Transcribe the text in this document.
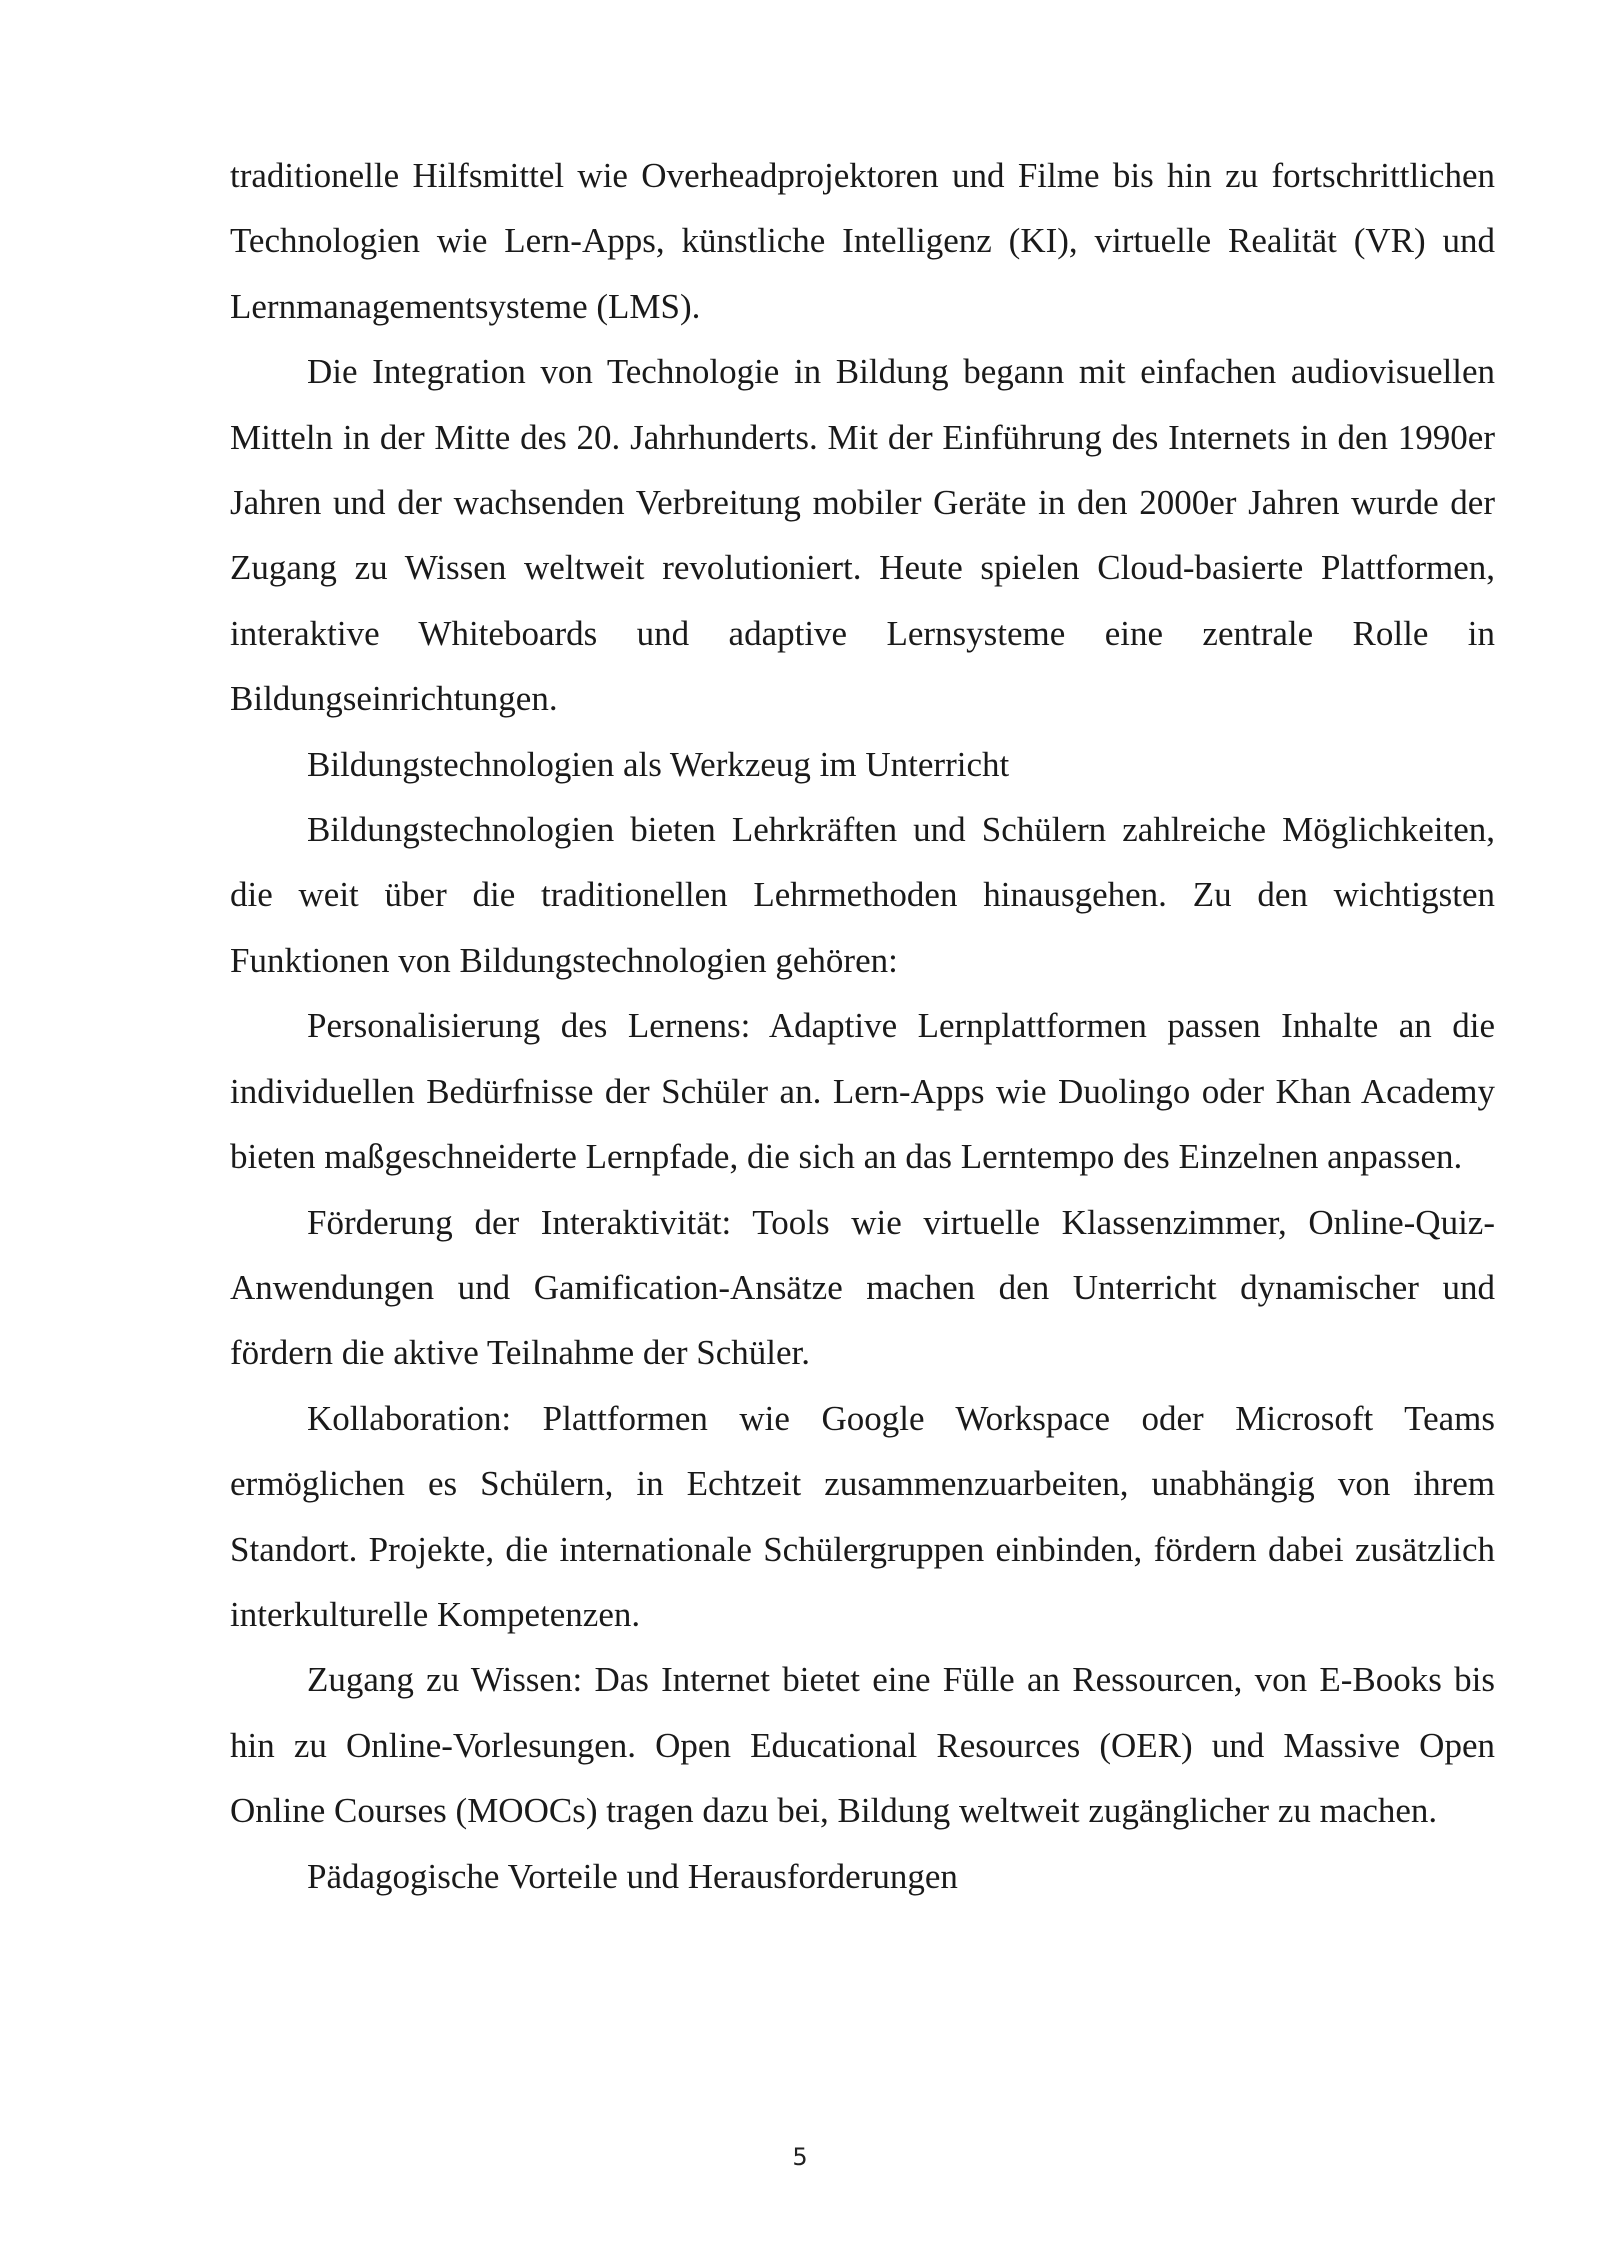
traditionelle Hilfsmittel wie Overheadprojektoren und Filme bis hin zu fortschrittlichen Technologien wie Lern-Apps, künstliche Intelligenz (KI), virtuelle Realität (VR) und Lernmanagementsysteme (LMS).

Die Integration von Technologie in Bildung begann mit einfachen audiovisuellen Mitteln in der Mitte des 20. Jahrhunderts. Mit der Einführung des Internets in den 1990er Jahren und der wachsenden Verbreitung mobiler Geräte in den 2000er Jahren wurde der Zugang zu Wissen weltweit revolutioniert. Heute spielen Cloud-basierte Plattformen, interaktive Whiteboards und adaptive Lernsysteme eine zentrale Rolle in Bildungseinrichtungen.

Bildungstechnologien als Werkzeug im Unterricht

Bildungstechnologien bieten Lehrkräften und Schülern zahlreiche Möglichkeiten, die weit über die traditionellen Lehrmethoden hinausgehen. Zu den wichtigsten Funktionen von Bildungstechnologien gehören:

Personalisierung des Lernens: Adaptive Lernplattformen passen Inhalte an die individuellen Bedürfnisse der Schüler an. Lern-Apps wie Duolingo oder Khan Academy bieten maßgeschneiderte Lernpfade, die sich an das Lerntempo des Einzelnen anpassen.

Förderung der Interaktivität: Tools wie virtuelle Klassenzimmer, Online-Quiz-Anwendungen und Gamification-Ansätze machen den Unterricht dynamischer und fördern die aktive Teilnahme der Schüler.

Kollaboration: Plattformen wie Google Workspace oder Microsoft Teams ermöglichen es Schülern, in Echtzeit zusammenzuarbeiten, unabhängig von ihrem Standort. Projekte, die internationale Schülergruppen einbinden, fördern dabei zusätzlich interkulturelle Kompetenzen.

Zugang zu Wissen: Das Internet bietet eine Fülle an Ressourcen, von E-Books bis hin zu Online-Vorlesungen. Open Educational Resources (OER) und Massive Open Online Courses (MOOCs) tragen dazu bei, Bildung weltweit zugänglicher zu machen.

Pädagogische Vorteile und Herausforderungen

5
